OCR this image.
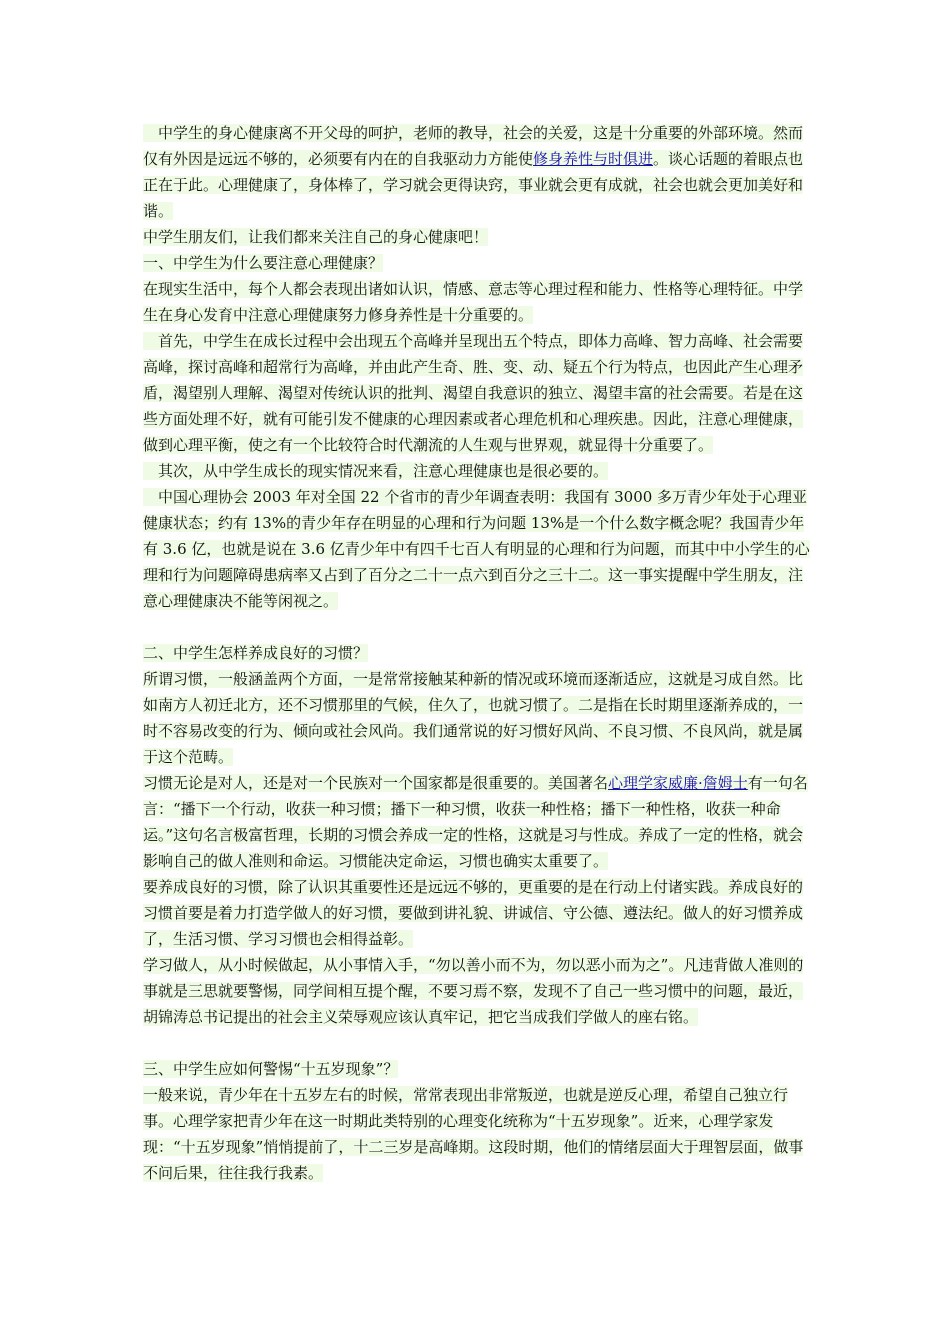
　中学生的身心健康离不开父母的呵护，老师的教导，社会的关爱，这是十分重要的外部环境。然而仅有外因是远远不够的，必须要有内在的自我驱动力方能使修身养性与时俱进。谈心话题的着眼点也正在于此。心理健康了，身体棒了，学习就会更得诀窍，事业就会更有成就，社会也就会更加美好和谐。
中学生朋友们，让我们都来关注自己的身心健康吧！
一、中学生为什么要注意心理健康？
在现实生活中，每个人都会表现出诸如认识，情感、意志等心理过程和能力、性格等心理特征。中学生在身心发育中注意心理健康努力修身养性是十分重要的。
　首先，中学生在成长过程中会出现五个高峰并呈现出五个特点，即体力高峰、智力高峰、社会需要高峰，探讨高峰和超常行为高峰，并由此产生奇、胜、变、动、疑五个行为特点，也因此产生心理矛盾，渴望别人理解、渴望对传统认识的批判、渴望自我意识的独立、渴望丰富的社会需要。若是在这些方面处理不好，就有可能引发不健康的心理因素或者心理危机和心理疾患。因此，注意心理健康，做到心理平衡，使之有一个比较符合时代潮流的人生观与世界观，就显得十分重要了。
　其次，从中学生成长的现实情况来看，注意心理健康也是很必要的。
　中国心理协会 2003 年对全国 22 个省市的青少年调查表明：我国有 3000 多万青少年处于心理亚健康状态；约有 13%的青少年存在明显的心理和行为问题 13%是一个什么数字概念呢？我国青少年有 3.6 亿，也就是说在 3.6 亿青少年中有四千七百人有明显的心理和行为问题，而其中中小学生的心理和行为问题障碍患病率又占到了百分之二十一点六到百分之三十二。这一事实提醒中学生朋友，注意心理健康决不能等闲视之。
二、中学生怎样养成良好的习惯？
所谓习惯，一般涵盖两个方面，一是常常接触某种新的情况或环境而逐渐适应，这就是习成自然。比如南方人初迁北方，还不习惯那里的气候，住久了，也就习惯了。二是指在长时期里逐渐养成的，一时不容易改变的行为、倾向或社会风尚。我们通常说的好习惯好风尚、不良习惯、不良风尚，就是属于这个范畴。
习惯无论是对人，还是对一个民族对一个国家都是很重要的。美国著名心理学家威廉·詹姆士有一句名言：“播下一个行动，收获一种习惯；播下一种习惯，收获一种性格；播下一种性格，收获一种命运。”这句名言极富哲理，长期的习惯会养成一定的性格，这就是习与性成。养成了一定的性格，就会影响自己的做人准则和命运。习惯能决定命运，习惯也确实太重要了。
要养成良好的习惯，除了认识其重要性还是远远不够的，更重要的是在行动上付诸实践。养成良好的习惯首要是着力打造学做人的好习惯，要做到讲礼貌、讲诚信、守公德、遵法纪。做人的好习惯养成了，生活习惯、学习习惯也会相得益彰。
学习做人，从小时候做起，从小事情入手，“勿以善小而不为，勿以恶小而为之”。凡违背做人准则的事就是三思就要警惕，同学间相互提个醒，不要习焉不察，发现不了自己一些习惯中的问题，最近，胡锦涛总书记提出的社会主义荣辱观应该认真牢记，把它当成我们学做人的座右铭。
三、中学生应如何警惕“十五岁现象”？
一般来说，青少年在十五岁左右的时候，常常表现出非常叛逆，也就是逆反心理，希望自己独立行事。心理学家把青少年在这一时期此类特别的心理变化统称为“十五岁现象”。近来，心理学家发现：“十五岁现象”悄悄提前了，十二三岁是高峰期。这段时期，他们的情绪层面大于理智层面，做事不问后果，往往我行我素。
